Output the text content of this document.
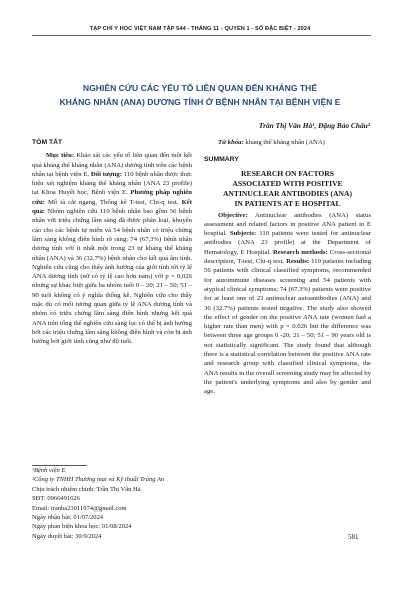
TẠP CHÍ Y HỌC VIỆT NAM TẬP 544 - THÁNG 11 - QUYỂN 1 - SỐ ĐẶC BIỆT - 2024
NGHIÊN CỨU CÁC YẾU TỐ LIÊN QUAN ĐẾN KHÁNG THỂ
KHÁNG NHÂN (ANA) DƯƠNG TÍNH Ở BỆNH NHÂN TẠI BỆNH VIỆN E
Trần Thị Vân Hà¹, Đặng Bảo Châu²
TÓM TẮT

Mục tiêu: Khảo sát các yếu tố liên quan đến một kết quả kháng thể kháng nhân (ANA) dương tính trên các bệnh nhân tại bệnh viện E. Đối tượng: 110 bệnh nhân được thực hiện xét nghiệm kháng thể kháng nhân (ANA 23 profile) tại Khoa Huyết học, Bệnh viện E. Phương pháp nghiên cứu: Mô tả cắt ngang, Thống kê T-test, Chi-q test. Kết quả: Nhóm nghiên cứu 110 bệnh nhân bao gồm 56 bệnh nhân với triệu chứng lâm sàng đã được phân loại, khuyến cáo cho các bệnh tự miễn và 54 bệnh nhân có triệu chứng lâm sàng không điển hình rõ ràng; 74 (67,3%) bệnh nhân dương tính với ít nhất một trong 23 tự kháng thể kháng nhân (ANA) và 36 (32,7%) bệnh nhân cho kết quả âm tính. Nghiên cứu cũng cho thấy ảnh hưởng của giới tính tới tỷ lệ ANA dương tính (nữ có tỷ lệ cao hơn nam) với p = 0,026 nhưng sự khác biệt giữa ba nhóm tuổi 0 – 20; 21 – 50; 51 – 90 tuổi không có ý nghĩa thống kê. Nghiên cứu cho thấy mặc dù có mối tương quan giữa tỷ lệ ANA dương tính và nhóm có triệu chứng lâm sàng điển hình nhưng kết quả ANA trên tổng thể nghiên cứu sàng lọc có thể bị ảnh hưởng bởi các triệu chứng lâm sàng không điển hình và còn bị ảnh hưởng bởi giới tính cũng như độ tuổi.

Từ khóa: kháng thể kháng nhân (ANA)

SUMMARY
RESEARCH ON FACTORS
ASSOCIATED WITH POSITIVE
ANTINUCLEAR ANTIBODIES (ANA)
IN PATIENTS AT E HOSPITAL

Objective: Antinuclear antibodies (ANA) status assessment and related factors in positive ANA patient in E hospital. Subjects: 110 patients were tested for antinuclear antibodies (ANA 23 profile) at the Department of Hematology, E Hospital. Research methods: Cross-sectional description, T-test, Chi-q test. Results: 110 patients including 56 patients with clinical classified symptoms, recommended for autoimmune diseases screening and 54 patients with atypical clinical symptoms; 74 (67.3%) patients were positive for at least one of 23 antinuclear autoantibodies (ANA) and 36 (32.7%) patients tested negative. The study also showed the effect of gender on the positive ANA rate (women had a higher rate than men) with p = 0.026 but the difference was between three age groups 0 -20; 21 – 50; 51 – 90 years old is not statistically significant. The study found that although there is a statistical correlation between the positive ANA rate and research group with classified clinical symptoms, the ANA results in the overall screening study may be affected by the patient's underlying symptoms and also by gender and age.

¹Bệnh viện E
²Công ty TNHH Thương mại và Kỹ thuật Tràng An
Chịu trách nhiệm chính: Trần Thị Vân Hà
SĐT: 0966491626
Email: tranha23011974@gmail.com
Ngày nhận bài: 01/07/2024
Ngày phản biện khoa học: 01/08/2024
Ngày duyệt bài: 30/9/2024	581
